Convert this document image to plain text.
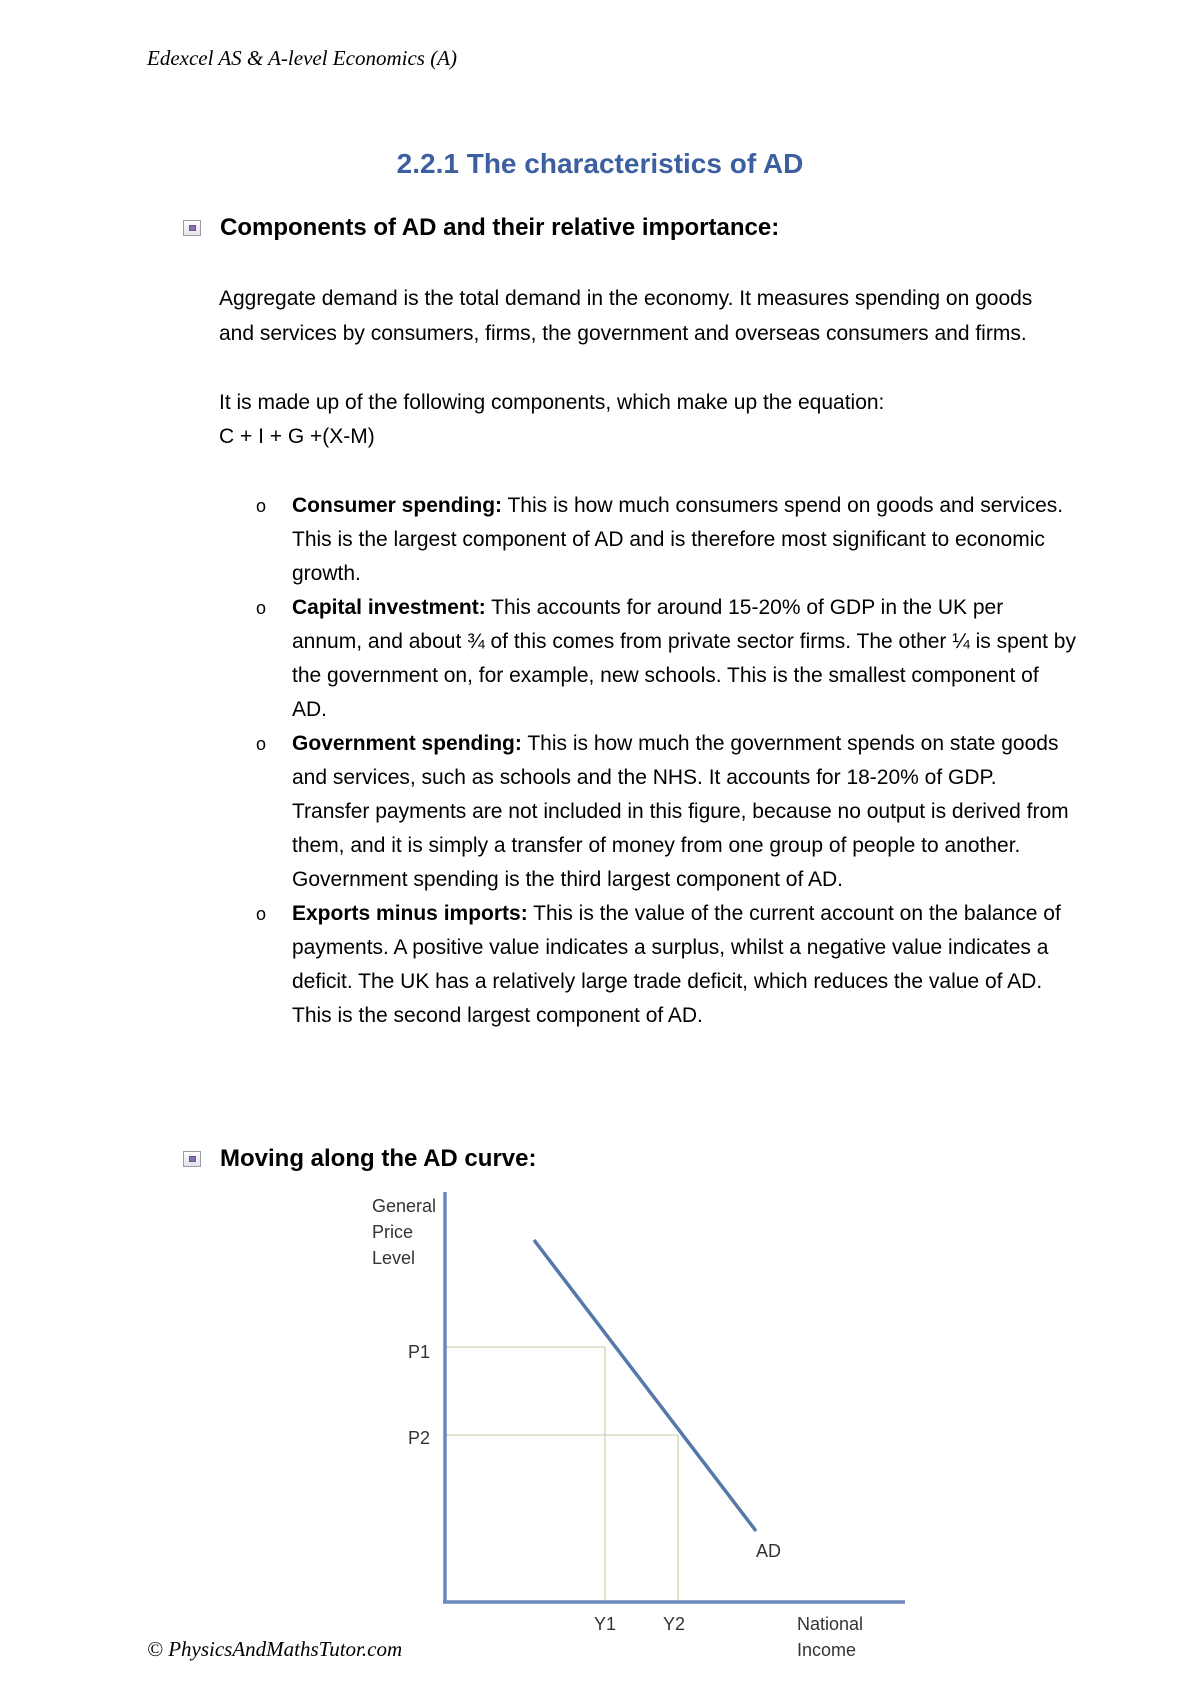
Edexcel AS & A-level Economics (A)
2.2.1 The characteristics of AD
Components of AD and their relative importance:

Aggregate demand is the total demand in the economy. It measures spending on goods and services by consumers, firms, the government and overseas consumers and firms.

It is made up of the following components, which make up the equation:

C + I + G +(X-M)

o Consumer spending: This is how much consumers spend on goods and services. This is the largest component of AD and is therefore most significant to economic growth.
o Capital investment: This accounts for around 15-20% of GDP in the UK per annum, and about ¾ of this comes from private sector firms. The other ¼ is spent by the government on, for example, new schools. This is the smallest component of AD.
o Government spending: This is how much the government spends on state goods and services, such as schools and the NHS. It accounts for 18-20% of GDP. Transfer payments are not included in this figure, because no output is derived from them, and it is simply a transfer of money from one group of people to another. Government spending is the third largest component of AD.
o Exports minus imports: This is the value of the current account on the balance of payments. A positive value indicates a surplus, whilst a negative value indicates a deficit. The UK has a relatively large trade deficit, which reduces the value of AD. This is the second largest component of AD.
Moving along the AD curve:
General
Price
Level
P1
P2
Y1	Y2
AD
National
Income
© PhysicsAndMathsTutor.com
